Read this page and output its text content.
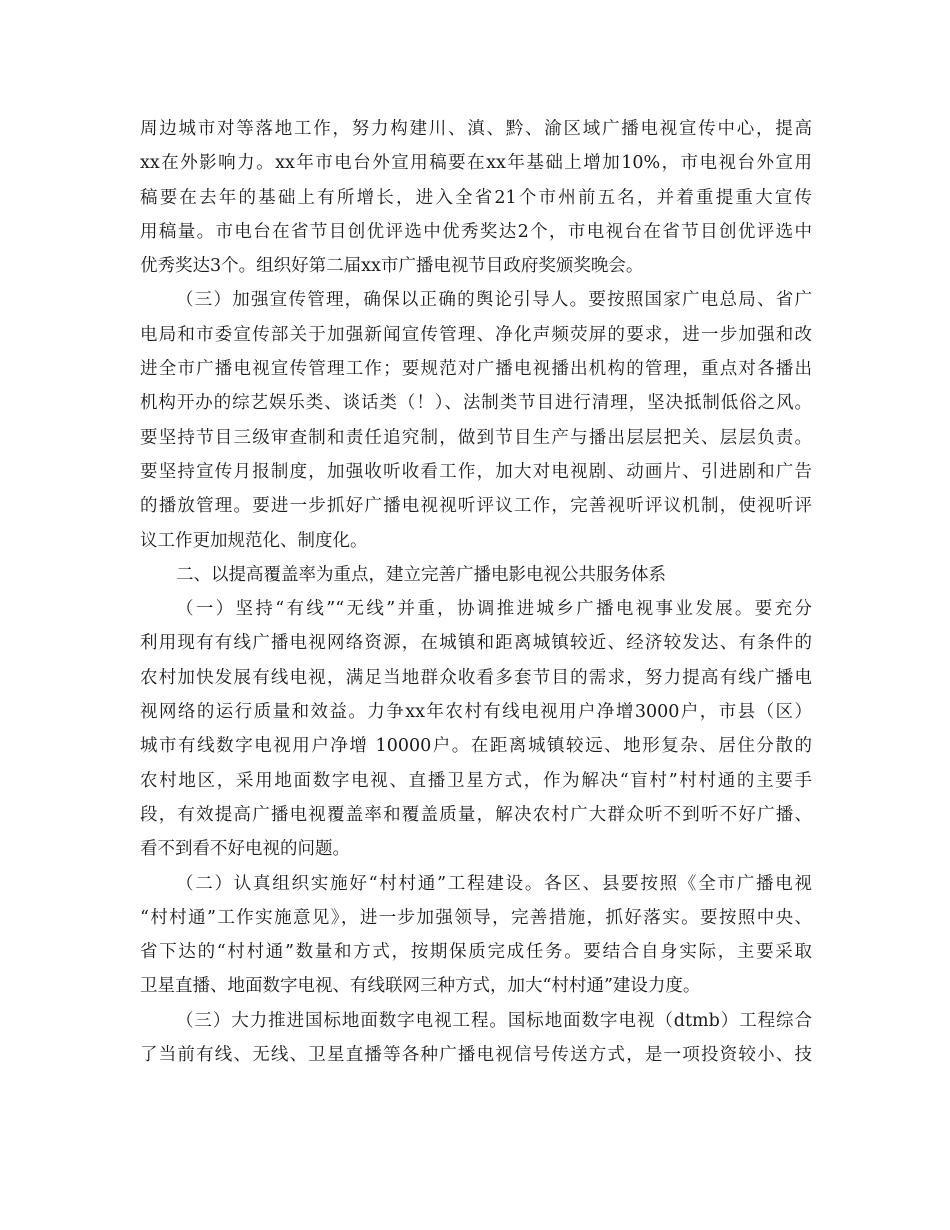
周边城市对等落地工作，努力构建川、滇、黔、渝区域广播电视宣传中心，提高
xx在外影响力。xx年市电台外宣用稿要在xx年基础上增加10%，市电视台外宣用
稿要在去年的基础上有所增长，进入全省21个市州前五名，并着重提重大宣传
用稿量。市电台在省节目创优评选中优秀奖达2个，市电视台在省节目创优评选中
优秀奖达3个。组织好第二届xx市广播电视节目政府奖颁奖晚会。
（三）加强宣传管理，确保以正确的舆论引导人。要按照国家广电总局、省广
电局和市委宣传部关于加强新闻宣传管理、净化声频荧屏的要求，进一步加强和改
进全市广播电视宣传管理工作；要规范对广播电视播出机构的管理，重点对各播出
机构开办的综艺娱乐类、谈话类（！）、法制类节目进行清理，坚决抵制低俗之风。
要坚持节目三级审查制和责任追究制，做到节目生产与播出层层把关、层层负责。
要坚持宣传月报制度，加强收听收看工作，加大对电视剧、动画片、引进剧和广告
的播放管理。要进一步抓好广播电视视听评议工作，完善视听评议机制，使视听评
议工作更加规范化、制度化。
二、以提高覆盖率为重点，建立完善广播电影电视公共服务体系
（一）坚持“有线”“无线”并重，协调推进城乡广播电视事业发展。要充分
利用现有有线广播电视网络资源，在城镇和距离城镇较近、经济较发达、有条件的
农村加快发展有线电视，满足当地群众收看多套节目的需求，努力提高有线广播电
视网络的运行质量和效益。力争xx年农村有线电视用户净增3000户，市县（区）
城市有线数字电视用户净增 10000户。在距离城镇较远、地形复杂、居住分散的
农村地区，采用地面数字电视、直播卫星方式，作为解决“盲村”村村通的主要手
段，有效提高广播电视覆盖率和覆盖质量，解决农村广大群众听不到听不好广播、
看不到看不好电视的问题。
（二）认真组织实施好“村村通”工程建设。各区、县要按照《全市广播电视
“村村通”工作实施意见》，进一步加强领导，完善措施，抓好落实。要按照中央、
省下达的“村村通”数量和方式，按期保质完成任务。要结合自身实际，主要采取
卫星直播、地面数字电视、有线联网三种方式，加大“村村通”建设力度。
（三）大力推进国标地面数字电视工程。国标地面数字电视（dtmb）工程综合
了当前有线、无线、卫星直播等各种广播电视信号传送方式，是一项投资较小、技
